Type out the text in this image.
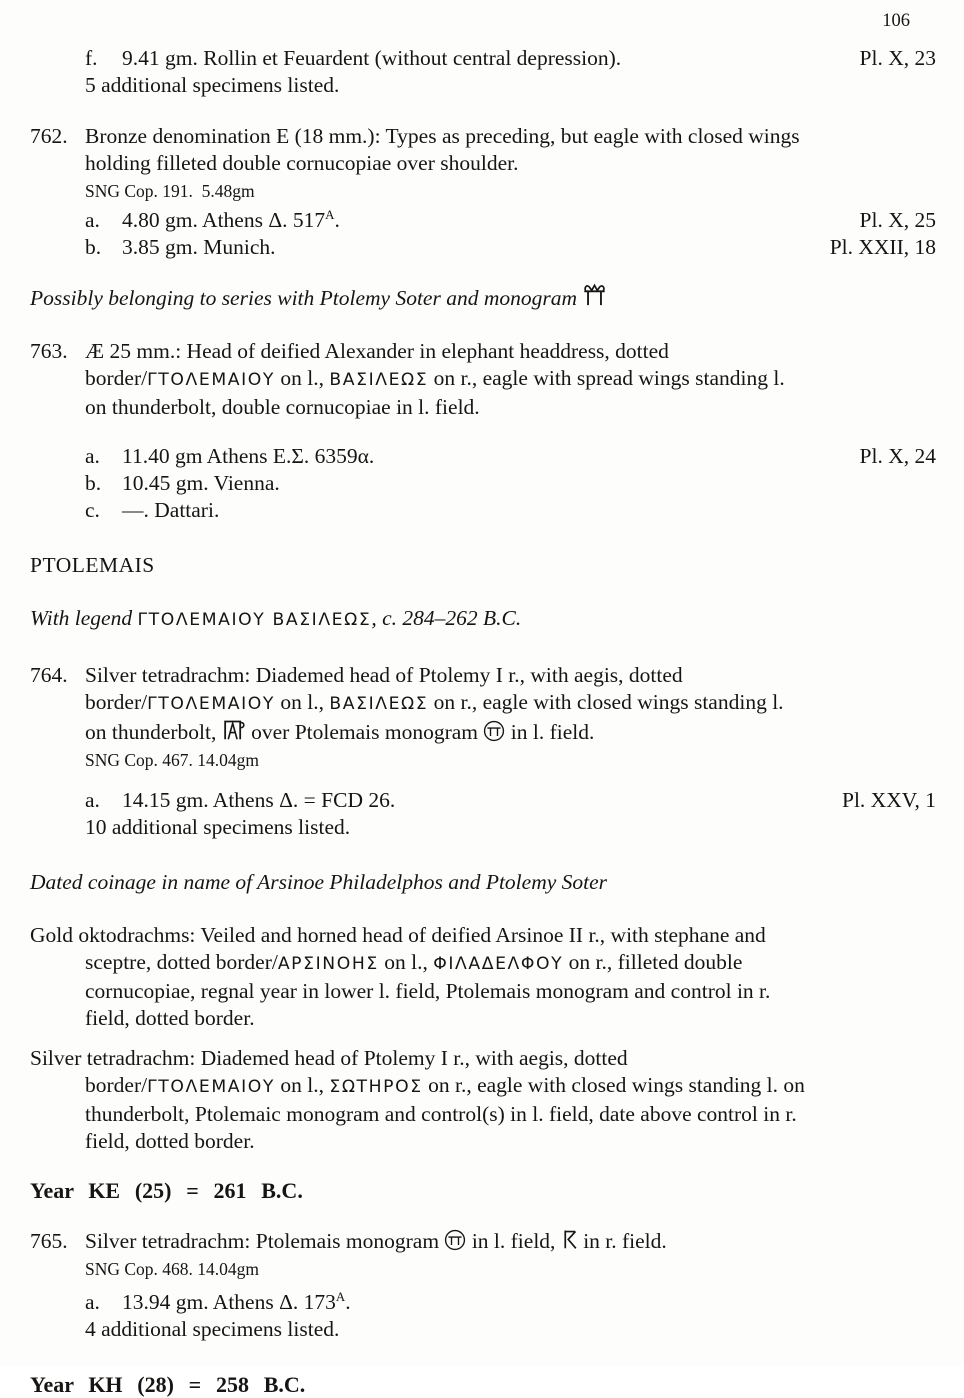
106
f.	9.41 gm. Rollin et Feuardent (without central depression).	Pl. X, 23
5 additional specimens listed.
762. Bronze denomination E (18 mm.): Types as preceding, but eagle with closed wings
holding filleted double cornucopiae over shoulder.
SNG Cop. 191.  5.48gm
a.	4.80 gm. Athens Δ. $517^A$.	Pl. X, 25
b. 3.85 gm. Munich.	Pl. XXII, 18
Possibly belonging to series with Ptolemy Soter and monogram
763. Æ 25 mm.: Head of deified Alexander in elephant headdress, dotted
border/ΓΤΟΛΕΜΑΙΟΥ on l., ΒΑΣΙΛΕΩΣ on r., eagle with spread wings standing l.
on thunderbolt, double cornucopiae in l. field.
a.	11.40 gm Athens Ε.Σ. 6359α.	Pl. X, 24
b. 10.45 gm. Vienna.
c.	—. Dattari.
PTOLEMAIS
With legend ΓΤΟΛΕΜΑΙΟΥ ΒΑΣΙΛΕΩΣ, c. 284–262 B.C.
764. Silver tetradrachm: Diademed head of Ptolemy I r., with aegis, dotted
border/ΓΤΟΛΕΜΑΙΟΥ on l., ΒΑΣΙΛΕΩΣ on r., eagle with closed wings standing l.
on thunderbolt,  over Ptolemais monogram  in l. field.
SNG Cop. 467. 14.04gm
a.	14.15 gm. Athens Δ. = FCD 26.	Pl. XXV, 1
10 additional specimens listed.
Dated coinage in name of Arsinoe Philadelphos and Ptolemy Soter
Gold oktodrachms: Veiled and horned head of deified Arsinoe II r., with stephane and
sceptre, dotted border/ΑΡΣΙΝΟΗΣ on l., ΦΙΛΑΔΕΛΦΟΥ on r., filleted double
cornucopiae, regnal year in lower l. field, Ptolemais monogram and control in r.
field, dotted border.
Silver tetradrachm: Diademed head of Ptolemy I r., with aegis, dotted
border/ΓΤΟΛΕΜΑΙΟΥ on l., ΣΩΤΗΡΟΣ on r., eagle with closed wings standing l. on
thunderbolt, Ptolemaic monogram and control(s) in l. field, date above control in r.
field, dotted border.
Year KE (25) = 261 B.C.
765. Silver tetradrachm: Ptolemais monogram  in l. field,  in r. field.
SNG Cop. 468. 14.04gm
a.	13.94 gm. Athens Δ. $173^A$.
4 additional specimens listed.
Year KH (28) = 258 B.C.
